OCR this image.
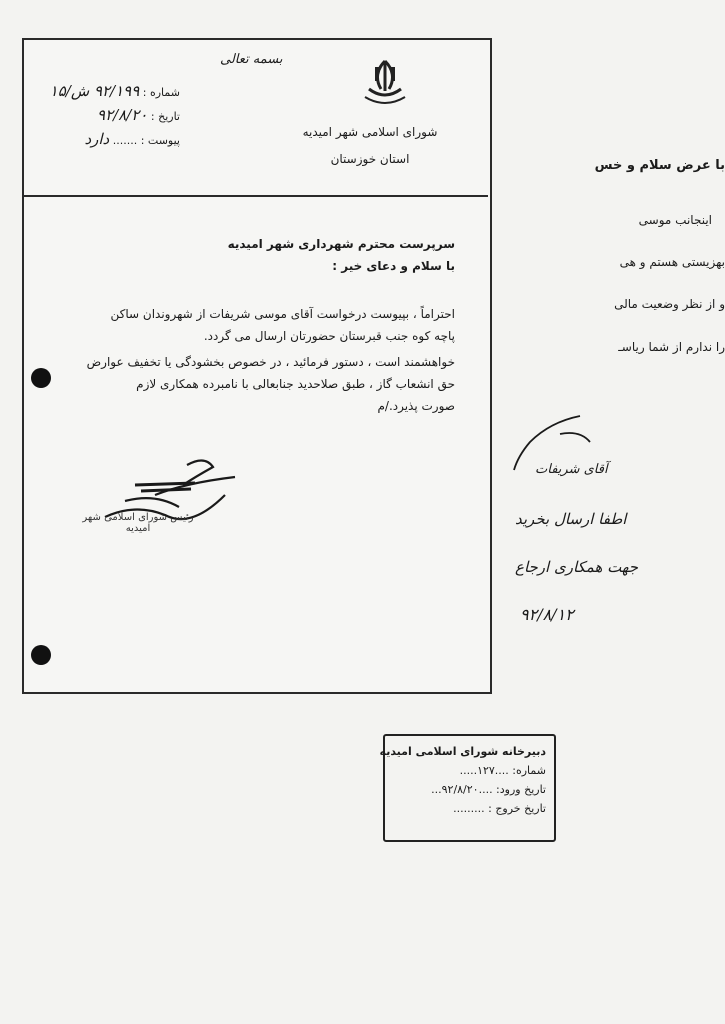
شماره : ۹۲/۱۹۹ ش/۱۵
تاریخ : ۹۲/۸/۲۰
پیوست : ....... دارد
بسمه تعالی
شورای اسلامی شهر امیدیه
استان خوزستان
سرپرست محترم شهرداری شهر امیدیه
با سلام و دعای خیر :
احتراماً ، بپیوست درخواست آقای موسی شریفات از شهروندان ساکن
پاچه کوه جنب قبرستان حضورتان ارسال می گردد.
خواهشمند است ، دستور فرمائید ، در خصوص بخشودگی یا تخفیف عوارض
حق انشعاب گاز ، طبق صلاحدید جنابعالی با نامبرده همکاری لازم
صورت پذیرد./م
رئیس شورای اسلامی شهر امیدیه
با عرض سلام و خس
اینجانب موسی
بهزیستی هستم و هی
و از نظر وضعیت مالی
را ندارم از شما ریاسـ
آقای شریفات
اطفا ارسال بخرید
جهت همکاری ارجاع
۹۲/۸/۱۲
دبیرخانه شورای اسلامی امیدیه
شماره: ....۱۲۷.....
تاریخ ورود: ....۹۲/۸/۲۰...
تاریخ خروج : .........
